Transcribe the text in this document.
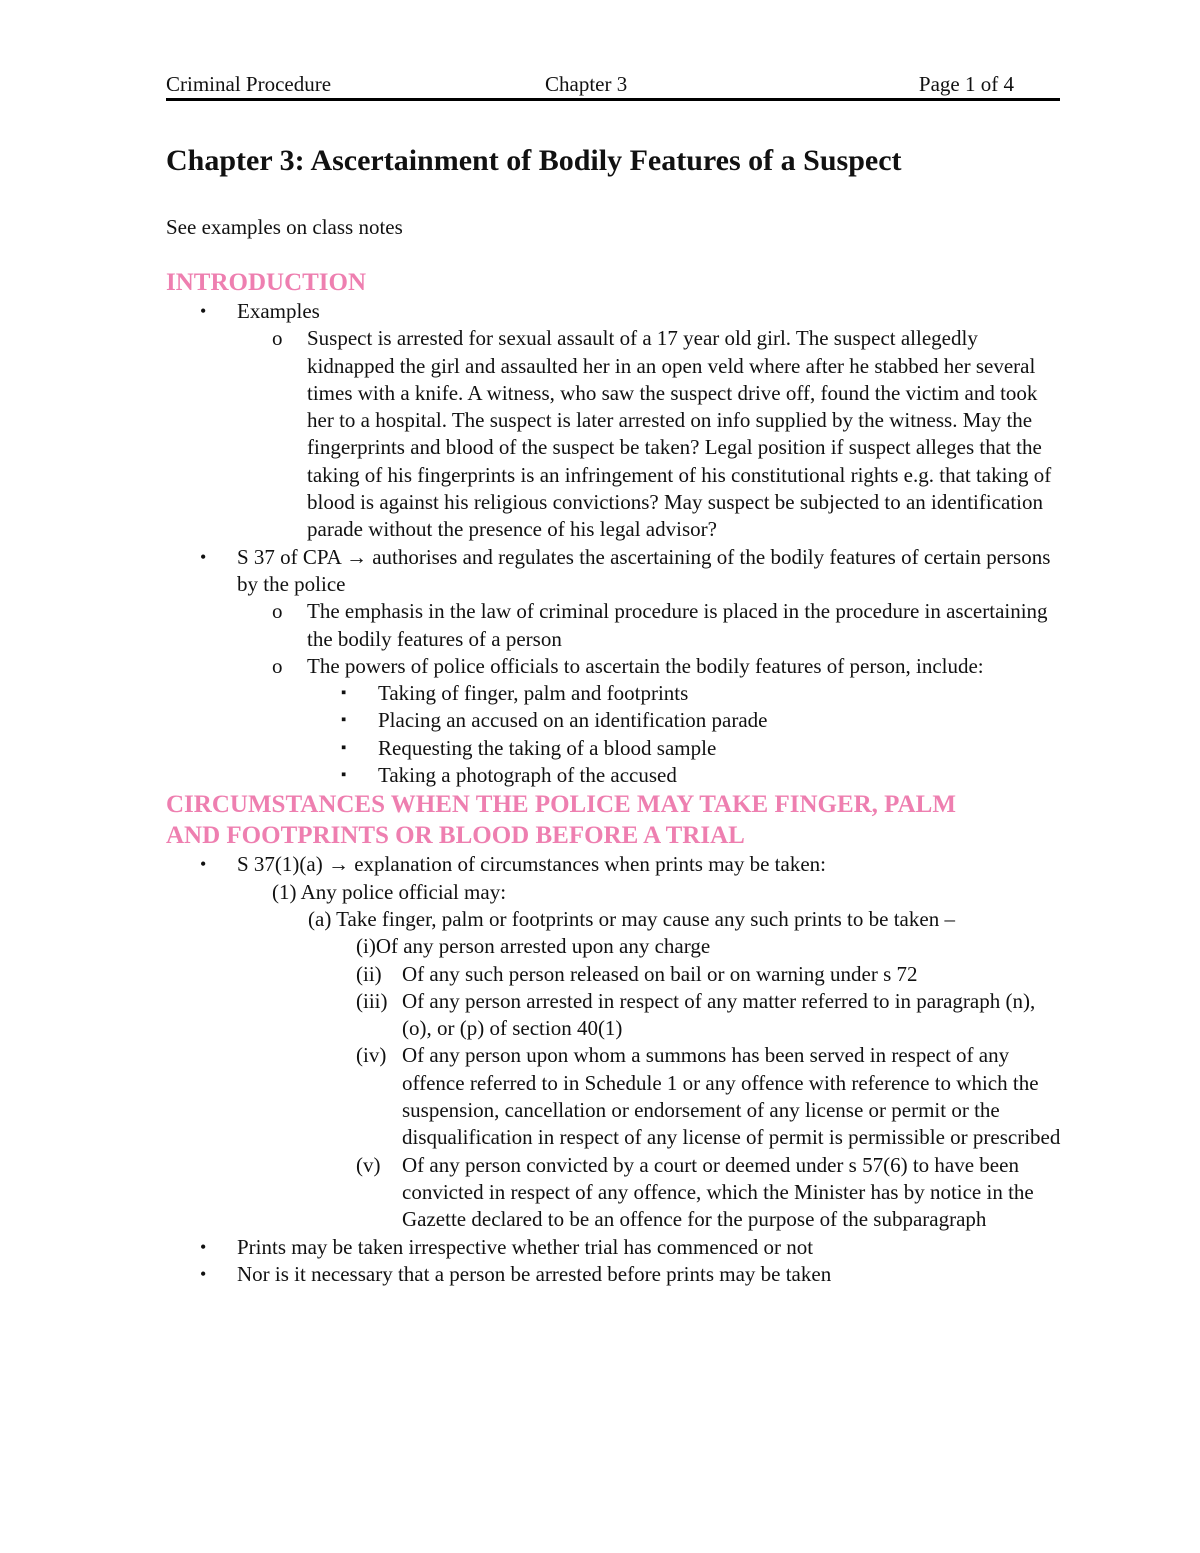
Criminal Procedure	Chapter 3	Page 1 of 4
Chapter 3: Ascertainment of Bodily Features of a Suspect
See examples on class notes
INTRODUCTION
• Examples
o Suspect is arrested for sexual assault of a 17 year old girl. The suspect allegedly kidnapped the girl and assaulted her in an open veld where after he stabbed her several times with a knife. A witness, who saw the suspect drive off, found the victim and took her to a hospital. The suspect is later arrested on info supplied by the witness. May the fingerprints and blood of the suspect be taken? Legal position if suspect alleges that the taking of his fingerprints is an infringement of his constitutional rights e.g. that taking of blood is against his religious convictions? May suspect be subjected to an identification parade without the presence of his legal advisor?
• S 37 of CPA → authorises and regulates the ascertaining of the bodily features of certain persons by the police
o The emphasis in the law of criminal procedure is placed in the procedure in ascertaining the bodily features of a person
o The powers of police officials to ascertain the bodily features of person, include:
▪ Taking of finger, palm and footprints
▪ Placing an accused on an identification parade
▪ Requesting the taking of a blood sample
▪ Taking a photograph of the accused
CIRCUMSTANCES WHEN THE POLICE MAY TAKE FINGER, PALM
AND FOOTPRINTS OR BLOOD BEFORE A TRIAL
• S 37(1)(a) → explanation of circumstances when prints may be taken:
(1) Any police official may:
(a) Take finger, palm or footprints or may cause any such prints to be taken –
(i)Of any person arrested upon any charge
(ii) Of any such person released on bail or on warning under s 72
(iii) Of any person arrested in respect of any matter referred to in paragraph (n), (o), or (p) of section 40(1)
(iv) Of any person upon whom a summons has been served in respect of any offence referred to in Schedule 1 or any offence with reference to which the suspension, cancellation or endorsement of any license or permit or the disqualification in respect of any license of permit is permissible or prescribed
(v) Of any person convicted by a court or deemed under s 57(6) to have been convicted in respect of any offence, which the Minister has by notice in the Gazette declared to be an offence for the purpose of the subparagraph
• Prints may be taken irrespective whether trial has commenced or not
• Nor is it necessary that a person be arrested before prints may be taken
